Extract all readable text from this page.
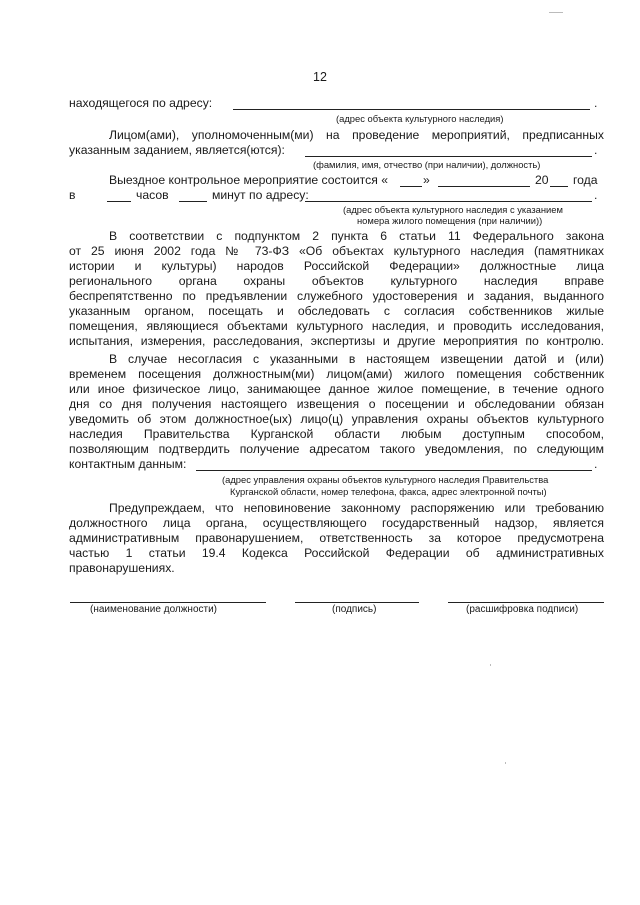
12
находящегося по адресу:	.
(адрес объекта культурного наследия)
Лицом(ами), уполномоченным(ми) на проведение мероприятий, предписанных
указанным заданием, является(ются):	.
(фамилия, имя, отчество (при наличии), должность)
Выездное контрольное мероприятие состоится «	»	20 года
в	часов	минут по адресу:	.
(адрес объекта культурного наследия с указанием
номера жилого помещения (при наличии))
В соответствии с подпунктом 2 пункта 6 статьи 11 Федерального закона
от 25 июня 2002 года № 73-ФЗ «Об объектах культурного наследия (памятниках
истории и культуры) народов Российской Федерации» должностные лица
регионального органа охраны объектов культурного наследия вправе
беспрепятственно по предъявлении служебного удостоверения и задания, выданного
указанным органом, посещать и обследовать с согласия собственников жилые
помещения, являющиеся объектами культурного наследия, и проводить исследования,
испытания, измерения, расследования, экспертизы и другие мероприятия по контролю.
В случае несогласия с указанными в настоящем извещении датой и (или)
временем посещения должностным(ми) лицом(ами) жилого помещения собственник
или иное физическое лицо, занимающее данное жилое помещение, в течение одного
дня со дня получения настоящего извещения о посещении и обследовании обязан
уведомить об этом должностное(ых) лицо(ц) управления охраны объектов культурного
наследия Правительства Курганской области любым доступным способом,
позволяющим подтвердить получение адресатом такого уведомления, по следующим
контактным данным:	.
(адрес управления охраны объектов культурного наследия Правительства
Курганской области, номер телефона, факса, адрес электронной почты)
Предупреждаем, что неповиновение законному распоряжению или требованию
должностного лица органа, осуществляющего государственный надзор, является
административным правонарушением, ответственность за которое предусмотрена
частью 1 статьи 19.4 Кодекса Российской Федерации об административных
правонарушениях.
(наименование должности)	(подпись)	(расшифровка подписи)
